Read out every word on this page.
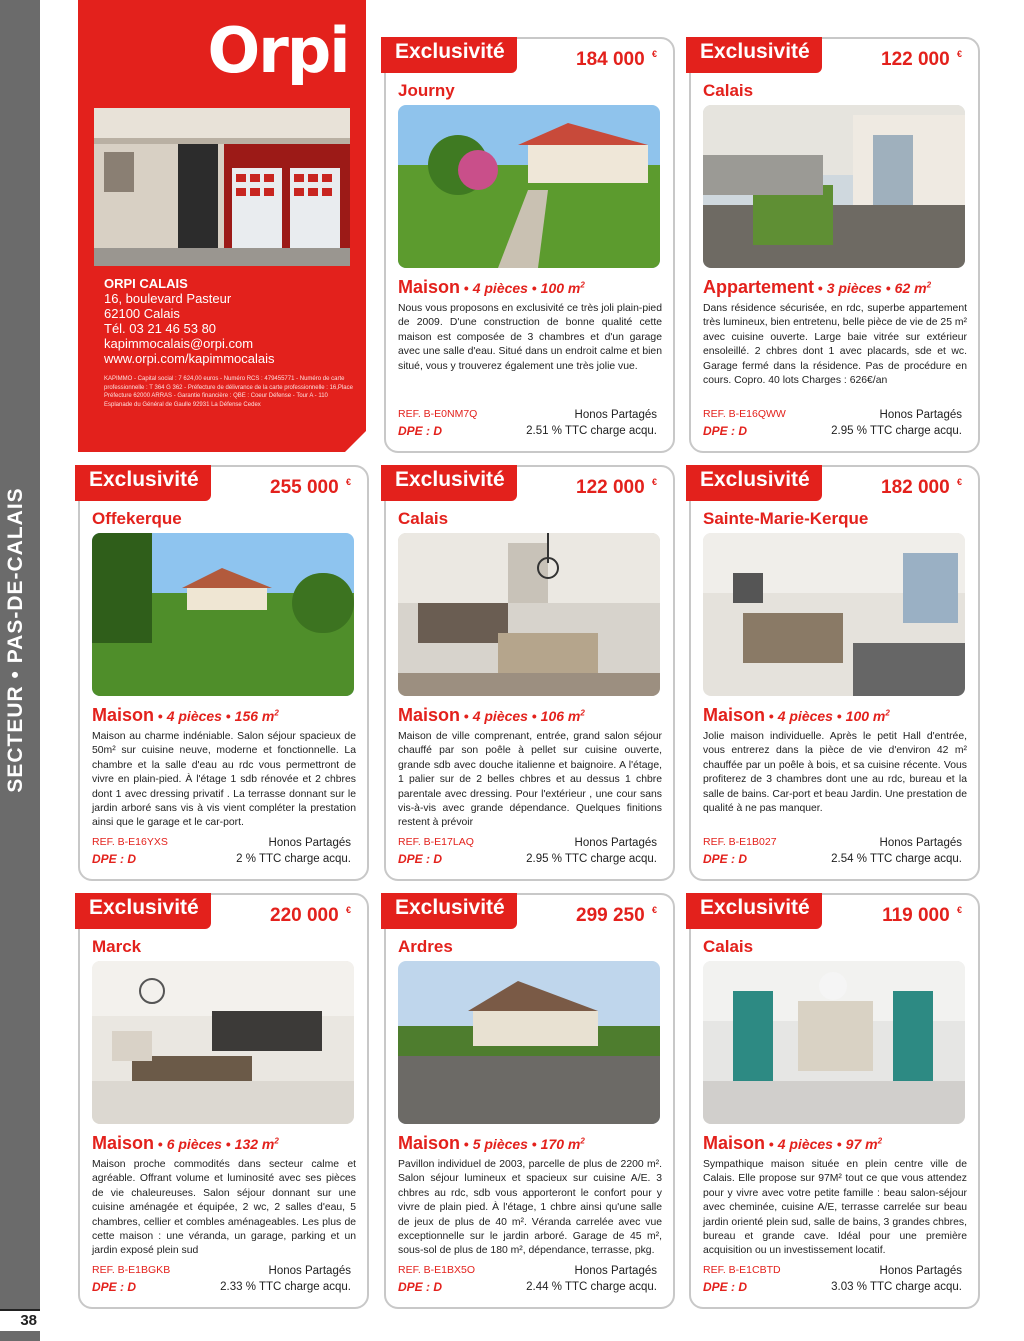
SECTEUR • PAS-DE-CALAIS
38
Orpi
ORPI CALAIS
16, boulevard Pasteur
62100 Calais
Tél. 03 21 46 53 80
kapimmocalais@orpi.com
www.orpi.com/kapimmocalais
KAPIMMO - Capital social : 7 624,00 euros - Numéro RCS : 479455771 - Numéro de carte professionnelle : T 364 G 362 - Préfecture de délivrance de la carte professionnelle : 16,Place Préfecture 62000 ARRAS - Garantie financière : QBE : Coeur Défense - Tour A - 110 Esplanade du Général de Gaulle 92931 La Défense Cedex
Exclusivité	184 000 €
Journy
Maison • 4 pièces • 100 $m^2$
Nous vous proposons en exclusivité ce très joli plain-pied de 2009. D'une construction de bonne qualité cette maison est composée de 3 chambres et d'un garage avec une salle d'eau. Situé dans un endroit calme et bien situé, vous y trouverez également une très jolie vue.
REF. B-E0NM7Q
DPE : D
Honos Partagés
2.51 % TTC charge acqu.
Exclusivité	122 000 €
Calais
Appartement • 3 pièces • 62 $m^2$
Dans résidence sécurisée, en rdc, superbe appartement très lumineux, bien entretenu, belle pièce de vie de 25 m² avec cuisine ouverte. Large baie vitrée sur extérieur ensoleillé. 2 chbres dont 1 avec placards, sde et wc. Garage fermé dans la résidence. Pas de procédure en cours. Copro. 40 lots Charges : 626€/an
REF. B-E16QWW
DPE : D
Honos Partagés
2.95 % TTC charge acqu.
Exclusivité	255 000 €
Offekerque
Maison • 4 pièces • 156 $m^2$
Maison au charme indéniable. Salon séjour spacieux de 50m² sur cuisine neuve, moderne et fonctionnelle. La chambre et la salle d'eau au rdc vous permettront de vivre en plain-pied. À l'étage 1 sdb rénovée et 2 chbres dont 1 avec dressing privatif . La terrasse donnant sur le jardin arboré sans vis à vis vient compléter la prestation ainsi que le garage et le car-port.
REF. B-E16YXS
DPE : D
Honos Partagés
2 % TTC charge acqu.
Exclusivité	122 000 €
Calais
Maison • 4 pièces • 106 $m^2$
Maison de ville comprenant, entrée, grand salon séjour chauffé par son poêle à pellet sur cuisine ouverte, grande sdb avec douche italienne et baignoire. A l'étage, 1 palier sur de 2 belles chbres et au dessus 1 chbre parentale avec dressing. Pour l'extérieur , une cour sans vis-à-vis avec grande dépendance. Quelques finitions restent à prévoir
REF. B-E17LAQ
DPE : D
Honos Partagés
2.95 % TTC charge acqu.
Exclusivité	182 000 €
Sainte-Marie-Kerque
Maison • 4 pièces • 100 $m^2$
Jolie maison individuelle. Après le petit Hall d'entrée, vous entrerez dans la pièce de vie d'environ 42 m² chauffée par un poêle à bois, et sa cuisine récente. Vous profiterez de 3 chambres dont une au rdc, bureau et la salle de bains. Car-port et beau Jardin. Une prestation de qualité à ne pas manquer.
REF. B-E1B027
DPE : D
Honos Partagés
2.54 % TTC charge acqu.
Exclusivité	220 000 €
Marck
Maison • 6 pièces • 132 $m^2$
Maison proche commodités dans secteur calme et agréable. Offrant volume et luminosité avec ses pièces de vie chaleureuses. Salon séjour donnant sur une cuisine aménagée et équipée, 2 wc, 2 salles d'eau, 5 chambres, cellier et combles aménageables. Les plus de cette maison : une véranda, un garage, parking et un jardin exposé plein sud
REF. B-E1BGKB
DPE : D
Honos Partagés
2.33 % TTC charge acqu.
Exclusivité	299 250 €
Ardres
Maison • 5 pièces • 170 $m^2$
Pavillon individuel de 2003, parcelle de plus de 2200 m². Salon séjour lumineux et spacieux sur cuisine A/E. 3 chbres au rdc, sdb vous apporteront le confort pour y vivre de plain pied. À l'étage, 1 chbre ainsi qu'une salle de jeux de plus de 40 m². Véranda carrelée avec vue exceptionnelle sur le jardin arboré. Garage de 45 m², sous-sol de plus de 180 m², dépendance, terrasse, pkg.
REF. B-E1BX5O
DPE : D
Honos Partagés
2.44 % TTC charge acqu.
Exclusivité	119 000 €
Calais
Maison • 4 pièces • 97 $m^2$
Sympathique maison située en plein centre ville de Calais. Elle propose sur 97M² tout ce que vous attendez pour y vivre avec votre petite famille : beau salon-séjour avec cheminée, cuisine A/E, terrasse carrelée sur beau jardin orienté plein sud, salle de bains, 3 grandes chbres, bureau et grande cave. Idéal pour une première acquisition ou un investissement locatif.
REF. B-E1CBTD
DPE : D
Honos Partagés
3.03 % TTC charge acqu.
